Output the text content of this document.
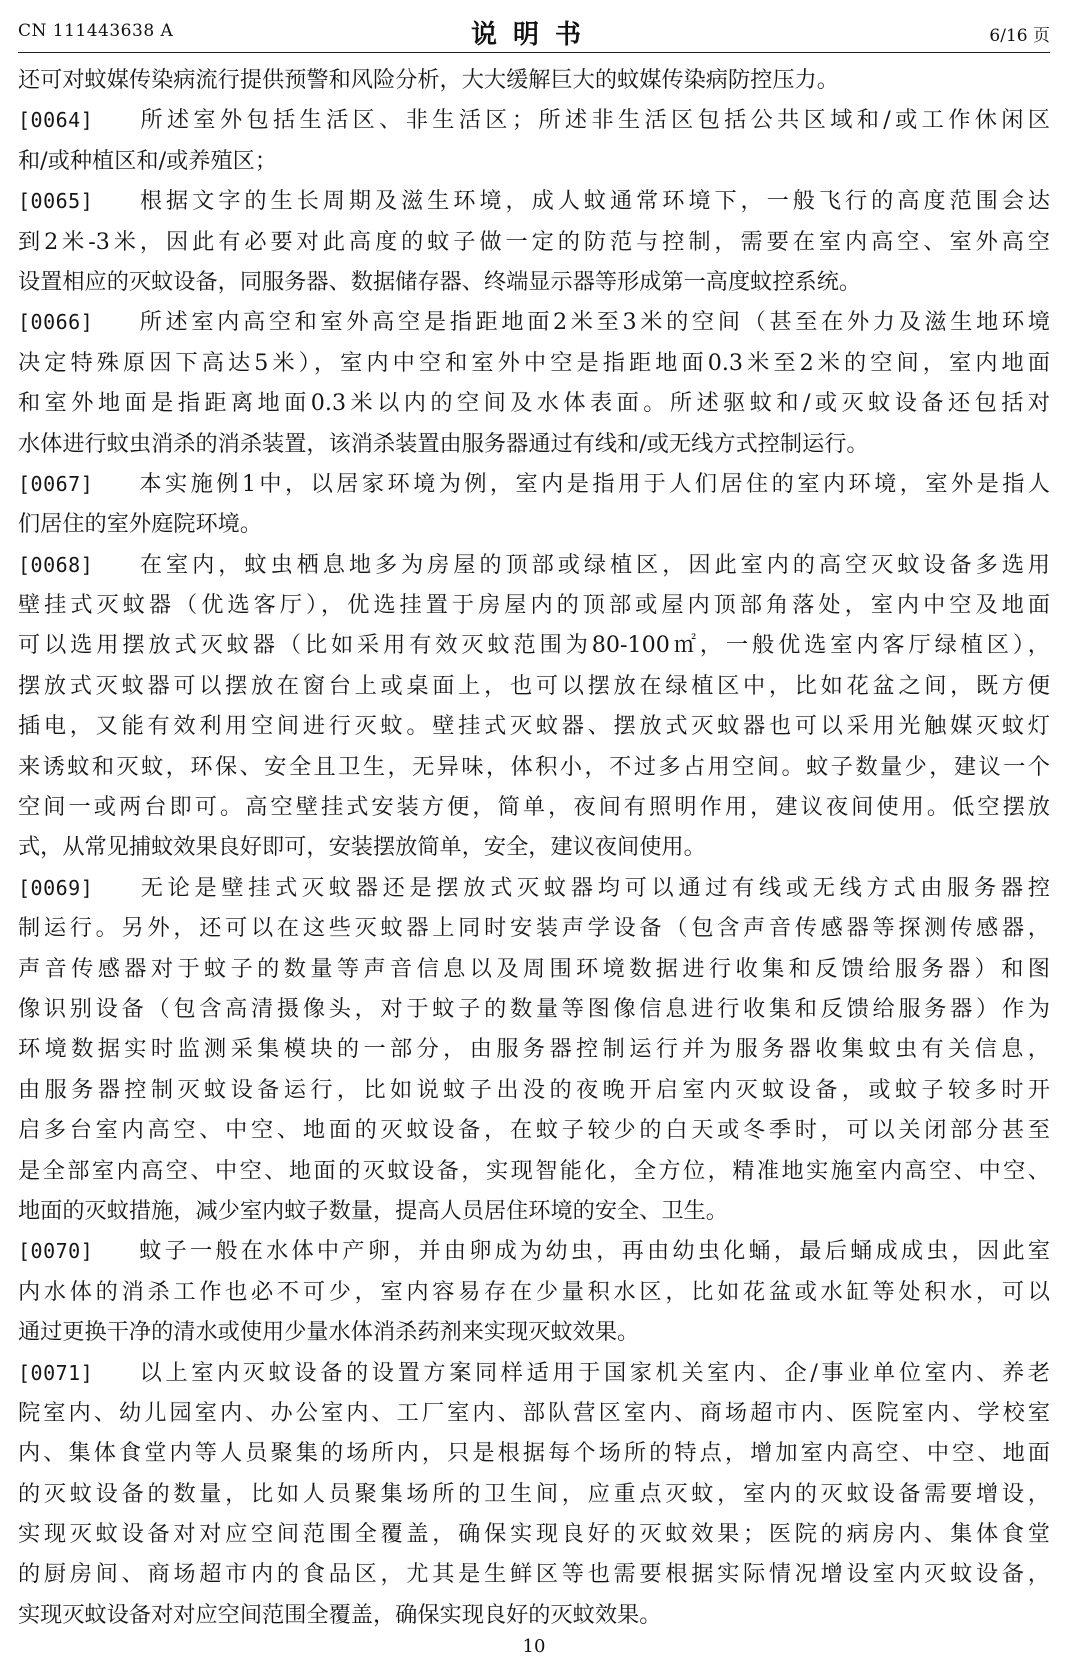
CN 111443638 A	说明书	6/16 页
还可对蚊媒传染病流行提供预警和风险分析，大大缓解巨大的蚊媒传染病防控压力。
[0064] 所述室外包括生活区、非生活区；所述非生活区包括公共区域和/或工作休闲区
和/或种植区和/或养殖区；
[0065] 根据文字的生长周期及滋生环境，成人蚊通常环境下，一般飞行的高度范围会达
到2米-3米，因此有必要对此高度的蚊子做一定的防范与控制，需要在室内高空、室外高空
设置相应的灭蚊设备，同服务器、数据储存器、终端显示器等形成第一高度蚊控系统。
[0066] 所述室内高空和室外高空是指距地面2米至3米的空间（甚至在外力及滋生地环境
决定特殊原因下高达5米），室内中空和室外中空是指距地面0.3米至2米的空间，室内地面
和室外地面是指距离地面0.3米以内的空间及水体表面。所述驱蚊和/或灭蚊设备还包括对
水体进行蚊虫消杀的消杀装置，该消杀装置由服务器通过有线和/或无线方式控制运行。
[0067] 本实施例1中，以居家环境为例，室内是指用于人们居住的室内环境，室外是指人
们居住的室外庭院环境。
[0068] 在室内，蚊虫栖息地多为房屋的顶部或绿植区，因此室内的高空灭蚊设备多选用
壁挂式灭蚊器（优选客厅），优选挂置于房屋内的顶部或屋内顶部角落处，室内中空及地面
可以选用摆放式灭蚊器（比如采用有效灭蚊范围为80-100㎡，一般优选室内客厅绿植区），
摆放式灭蚊器可以摆放在窗台上或桌面上，也可以摆放在绿植区中，比如花盆之间，既方便
插电，又能有效利用空间进行灭蚊。壁挂式灭蚊器、摆放式灭蚊器也可以采用光触媒灭蚊灯
来诱蚊和灭蚊，环保、安全且卫生，无异味，体积小，不过多占用空间。蚊子数量少，建议一个
空间一或两台即可。高空壁挂式安装方便，简单，夜间有照明作用，建议夜间使用。低空摆放
式，从常见捕蚊效果良好即可，安装摆放简单，安全，建议夜间使用。
[0069] 无论是壁挂式灭蚊器还是摆放式灭蚊器均可以通过有线或无线方式由服务器控
制运行。另外，还可以在这些灭蚊器上同时安装声学设备（包含声音传感器等探测传感器，
声音传感器对于蚊子的数量等声音信息以及周围环境数据进行收集和反馈给服务器）和图
像识别设备（包含高清摄像头，对于蚊子的数量等图像信息进行收集和反馈给服务器）作为
环境数据实时监测采集模块的一部分，由服务器控制运行并为服务器收集蚊虫有关信息，
由服务器控制灭蚊设备运行，比如说蚊子出没的夜晚开启室内灭蚊设备，或蚊子较多时开
启多台室内高空、中空、地面的灭蚊设备，在蚊子较少的白天或冬季时，可以关闭部分甚至
是全部室内高空、中空、地面的灭蚊设备，实现智能化，全方位，精准地实施室内高空、中空、
地面的灭蚊措施，减少室内蚊子数量，提高人员居住环境的安全、卫生。
[0070] 蚊子一般在水体中产卵，并由卵成为幼虫，再由幼虫化蛹，最后蛹成成虫，因此室
内水体的消杀工作也必不可少，室内容易存在少量积水区，比如花盆或水缸等处积水，可以
通过更换干净的清水或使用少量水体消杀药剂来实现灭蚊效果。
[0071] 以上室内灭蚊设备的设置方案同样适用于国家机关室内、企/事业单位室内、养老
院室内、幼儿园室内、办公室内、工厂室内、部队营区室内、商场超市内、医院室内、学校室
内、集体食堂内等人员聚集的场所内，只是根据每个场所的特点，增加室内高空、中空、地面
的灭蚊设备的数量，比如人员聚集场所的卫生间，应重点灭蚊，室内的灭蚊设备需要增设，
实现灭蚊设备对对应空间范围全覆盖，确保实现良好的灭蚊效果；医院的病房内、集体食堂
的厨房间、商场超市内的食品区，尤其是生鲜区等也需要根据实际情况增设室内灭蚊设备，
实现灭蚊设备对对应空间范围全覆盖，确保实现良好的灭蚊效果。
10
